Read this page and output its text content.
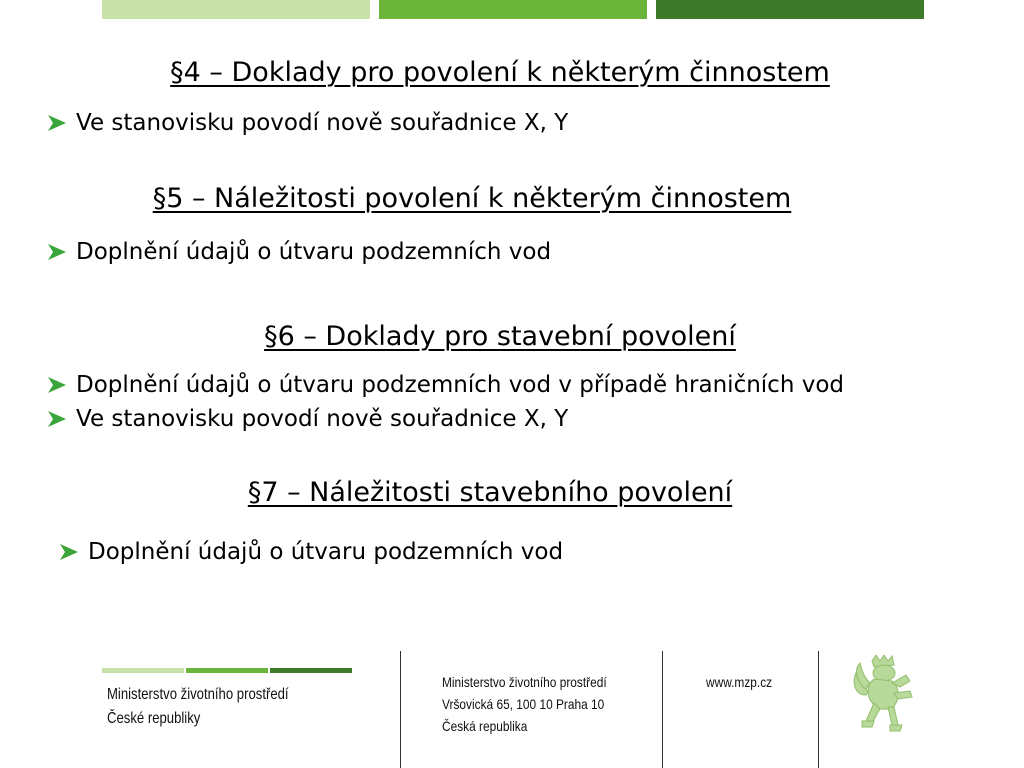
§4 – Doklady pro povolení k některým činnostem
Ve stanovisku povodí nově souřadnice X, Y
§5 – Náležitosti povolení k některým činnostem
Doplnění údajů o útvaru podzemních vod
§6 – Doklady pro stavební povolení
Doplnění údajů o útvaru podzemních vod v případě hraničních vod
Ve stanovisku povodí nově souřadnice X, Y
§7 – Náležitosti stavebního povolení
Doplnění údajů o útvaru podzemních vod
Ministerstvo životního prostředí
České republiky
Ministerstvo životního prostředí
Vršovická 65, 100 10 Praha 10
Česká republika
www.mzp.cz
